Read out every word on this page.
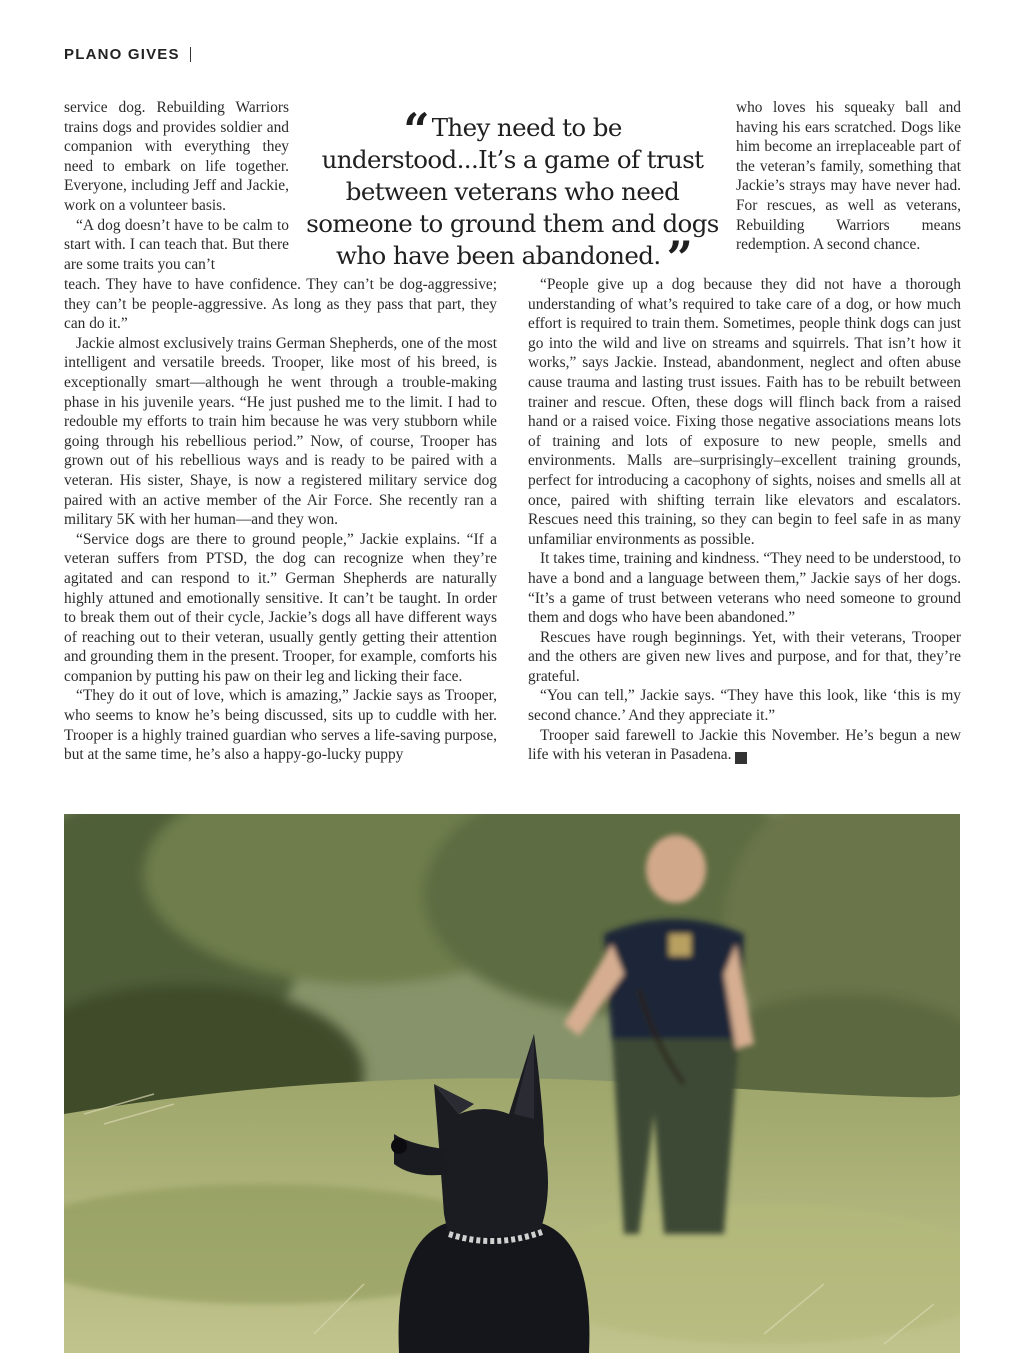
PLANO GIVES

service dog. Rebuilding Warriors trains dogs and provides soldier and companion with everything they need to embark on life together. Everyone, including Jeff and Jackie, work on a volunteer basis.

“A dog doesn’t have to be calm to start with. I can teach that. But there are some traits you can’t

“ They need to be understood...It’s a game of trust between veterans who need someone to ground them and dogs who have been abandoned. ”

who loves his squeaky ball and having his ears scratched. Dogs like him become an irreplaceable part of the veteran’s family, something that Jackie’s strays may have never had. For rescues, as well as veterans, Rebuilding Warriors means redemption. A second chance.

teach. They have to have confidence. They can’t be dog-aggressive; they can’t be people-aggressive. As long as they pass that part, they can do it.”

Jackie almost exclusively trains German Shepherds, one of the most intelligent and versatile breeds. Trooper, like most of his breed, is exceptionally smart—although he went through a trouble-making phase in his juvenile years. “He just pushed me to the limit. I had to redouble my efforts to train him because he was very stubborn while going through his rebellious period.” Now, of course, Trooper has grown out of his rebellious ways and is ready to be paired with a veteran. His sister, Shaye, is now a registered military service dog paired with an active member of the Air Force. She recently ran a military 5K with her human—and they won.

“Service dogs are there to ground people,” Jackie explains. “If a veteran suffers from PTSD, the dog can recognize when they’re agitated and can respond to it.” German Shepherds are naturally highly attuned and emotionally sensitive. It can’t be taught. In order to break them out of their cycle, Jackie’s dogs all have different ways of reaching out to their veteran, usually gently getting their attention and grounding them in the present. Trooper, for example, comforts his companion by putting his paw on their leg and licking their face.

“They do it out of love, which is amazing,” Jackie says as Trooper, who seems to know he’s being discussed, sits up to cuddle with her. Trooper is a highly trained guardian who serves a life-saving purpose, but at the same time, he’s also a happy-go-lucky puppy

“People give up a dog because they did not have a thorough understanding of what’s required to take care of a dog, or how much effort is required to train them. Sometimes, people think dogs can just go into the wild and live on streams and squirrels. That isn’t how it works,” says Jackie. Instead, abandonment, neglect and often abuse cause trauma and lasting trust issues. Faith has to be rebuilt between trainer and rescue. Often, these dogs will flinch back from a raised hand or a raised voice. Fixing those negative associations means lots of training and lots of exposure to new people, smells and environments. Malls are–surprisingly–excellent training grounds, perfect for introducing a cacophony of sights, noises and smells all at once, paired with shifting terrain like elevators and escalators. Rescues need this training, so they can begin to feel safe in as many unfamiliar environments as possible.

It takes time, training and kindness. “They need to be understood, to have a bond and a language between them,” Jackie says of her dogs. “It’s a game of trust between veterans who need someone to ground them and dogs who have been abandoned.”

Rescues have rough beginnings. Yet, with their veterans, Trooper and the others are given new lives and purpose, and for that, they’re grateful.

“You can tell,” Jackie says. “They have this look, like ‘this is my second chance.’ And they appreciate it.”

Trooper said farewell to Jackie this November. He’s begun a new life with his veteran in Pasadena. P
